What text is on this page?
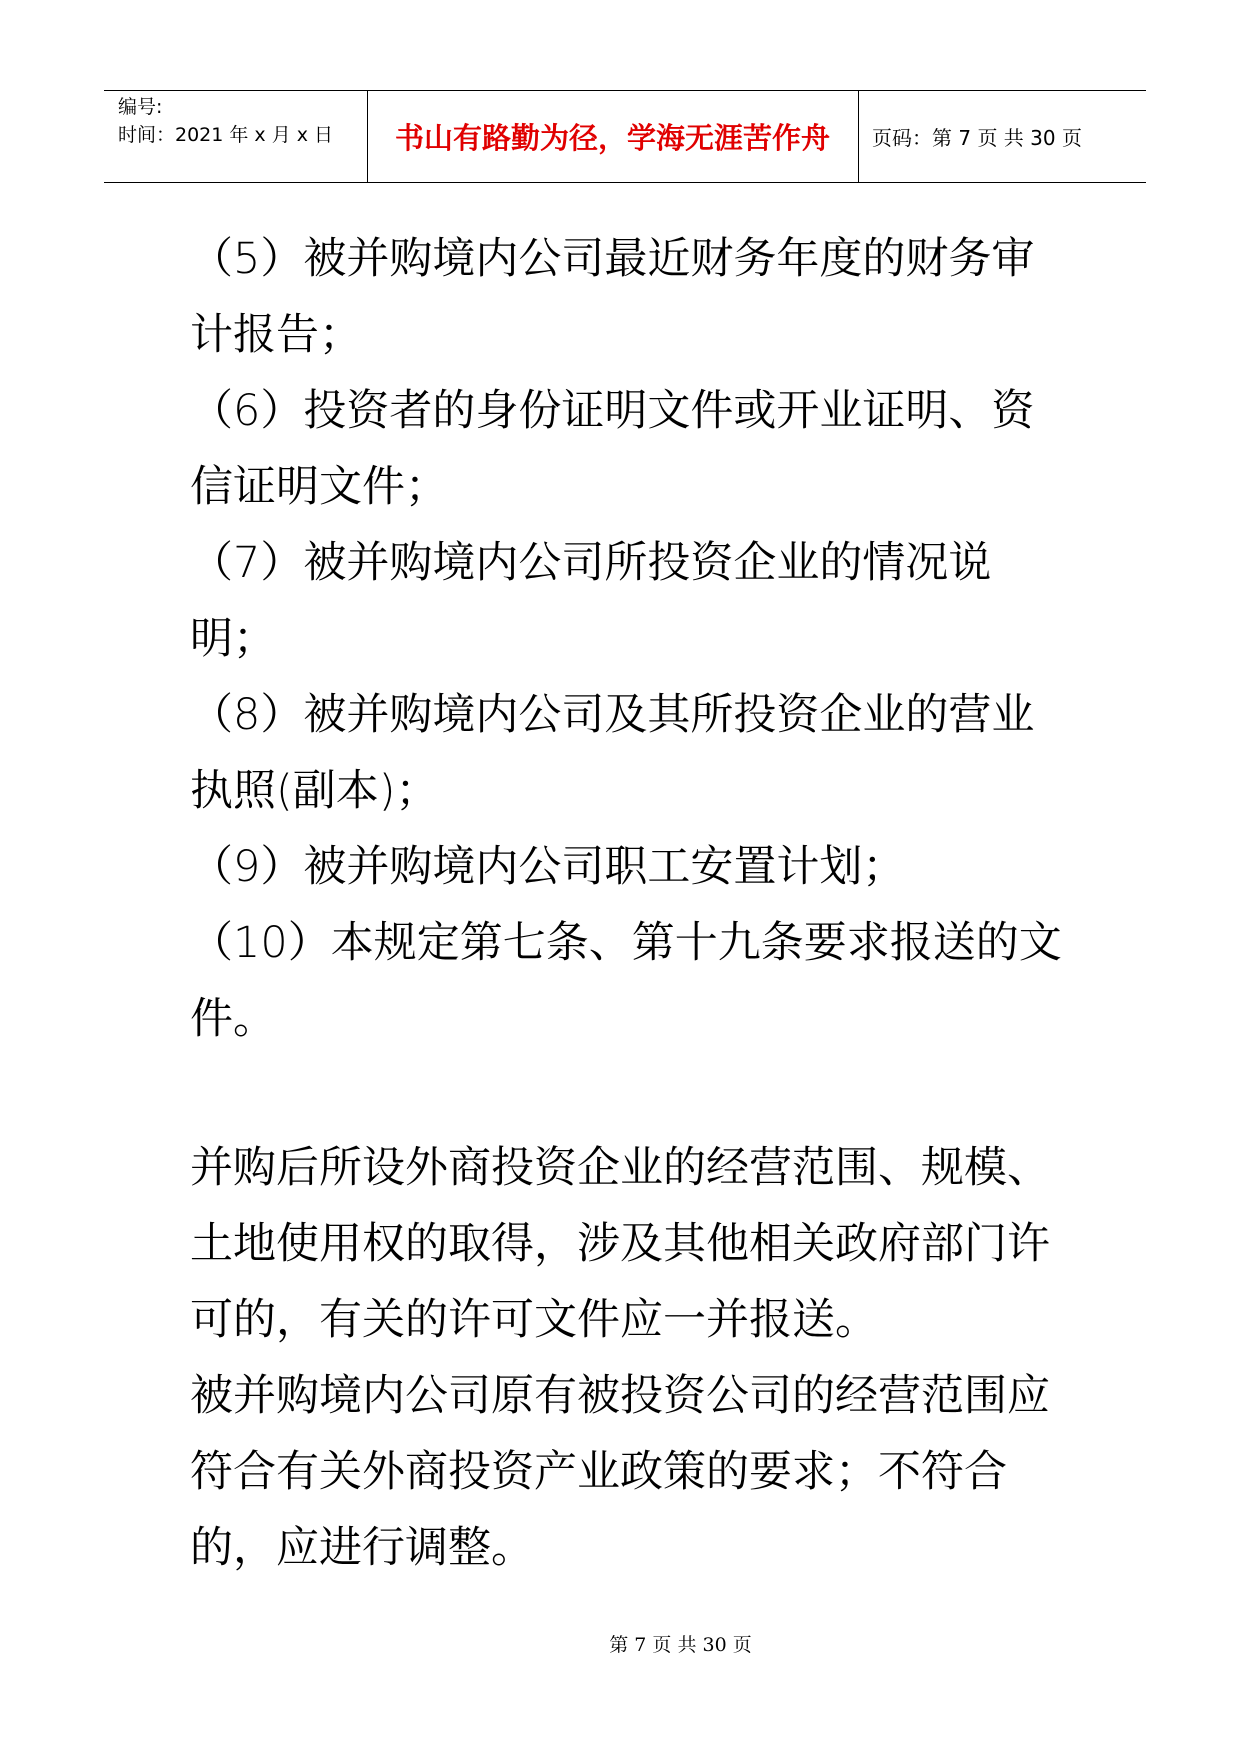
编号:
时间：2021 年 x 月 x 日	书山有路勤为径，学海无涯苦作舟	页码：第 7 页 共 30 页

（5）被并购境内公司最近财务年度的财务审计报告；

（6）投资者的身份证明文件或开业证明、资信证明文件；

（7）被并购境内公司所投资企业的情况说明；

（8）被并购境内公司及其所投资企业的营业执照(副本)；

（9）被并购境内公司职工安置计划；

（10）本规定第七条、第十九条要求报送的文件。

并购后所设外商投资企业的经营范围、规模、土地使用权的取得，涉及其他相关政府部门许可的，有关的许可文件应一并报送。

被并购境内公司原有被投资公司的经营范围应符合有关外商投资产业政策的要求；不符合的，应进行调整。

第 7 页 共 30 页
